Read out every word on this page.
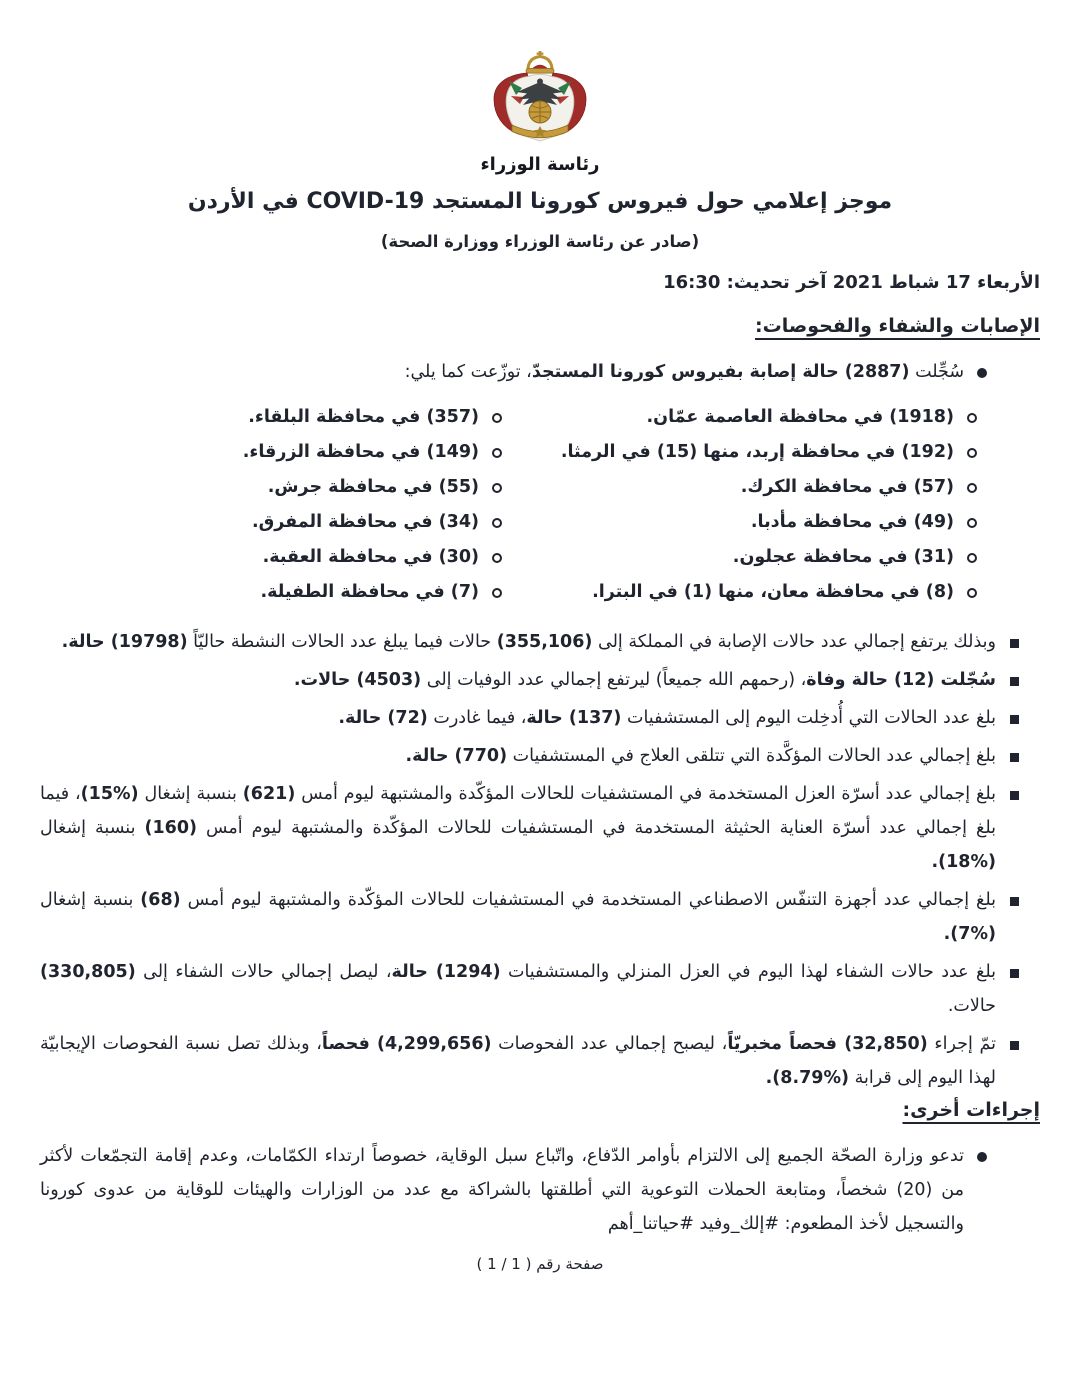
رئاسة الوزراء
موجز إعلامي حول فيروس كورونا المستجد COVID-19 في الأردن
(صادر عن رئاسة الوزراء ووزارة الصحة)
الأربعاء 17 شباط 2021 آخر تحديث: 16:30
الإصابات والشفاء والفحوصات:
سُجِّلت (2887) حالة إصابة بفيروس كورونا المستجدّ، توزّعت كما يلي:
(1918) في محافظة العاصمة عمّان.
(192) في محافظة إربد، منها (15) في الرمثا.
(57) في محافظة الكرك.
(49) في محافظة مأدبا.
(31) في محافظة عجلون.
(8) في محافظة معان، منها (1) في البترا.
(357) في محافظة البلقاء.
(149) في محافظة الزرقاء.
(55) في محافظة جرش.
(34) في محافظة المفرق.
(30) في محافظة العقبة.
(7) في محافظة الطفيلة.
وبذلك يرتفع إجمالي عدد حالات الإصابة في المملكة إلى (355,106) حالات فيما يبلغ عدد الحالات النشطة حاليّاً (19798) حالة.
سُجّلت (12) حالة وفاة، (رحمهم الله جميعاً) ليرتفع إجمالي عدد الوفيات إلى (4503) حالات.
بلغ عدد الحالات التي أُدخِلت اليوم إلى المستشفيات (137) حالة، فيما غادرت (72) حالة.
بلغ إجمالي عدد الحالات المؤكَّدة التي تتلقى العلاج في المستشفيات (770) حالة.
بلغ إجمالي عدد أسرّة العزل المستخدمة في المستشفيات للحالات المؤكّدة والمشتبهة ليوم أمس (621) بنسبة إشغال (%15)، فيما بلغ إجمالي عدد أسرّة العناية الحثيثة المستخدمة في المستشفيات للحالات المؤكّدة والمشتبهة ليوم أمس (160) بنسبة إشغال (%18).
بلغ إجمالي عدد أجهزة التنفّس الاصطناعي المستخدمة في المستشفيات للحالات المؤكّدة والمشتبهة ليوم أمس (68) بنسبة إشغال (%7).
بلغ عدد حالات الشفاء لهذا اليوم في العزل المنزلي والمستشفيات (1294) حالة، ليصل إجمالي حالات الشفاء إلى (330,805) حالات.
تمّ إجراء (32,850) فحصاً مخبريّاً، ليصبح إجمالي عدد الفحوصات (4,299,656) فحصاً، وبذلك تصل نسبة الفحوصات الإيجابيّة لهذا اليوم إلى قرابة (%8.79).
إجراءات أخرى:
تدعو وزارة الصحّة الجميع إلى الالتزام بأوامر الدّفاع، واتّباع سبل الوقاية، خصوصاً ارتداء الكمّامات، وعدم إقامة التجمّعات لأكثر من (20) شخصاً، ومتابعة الحملات التوعوية التي أطلقتها بالشراكة مع عدد من الوزارات والهيئات للوقاية من عدوى كورونا والتسجيل لأخذ المطعوم: #إلك_وفيد #حياتنا_أهم
صفحة رقم ( 1 / 1 )
